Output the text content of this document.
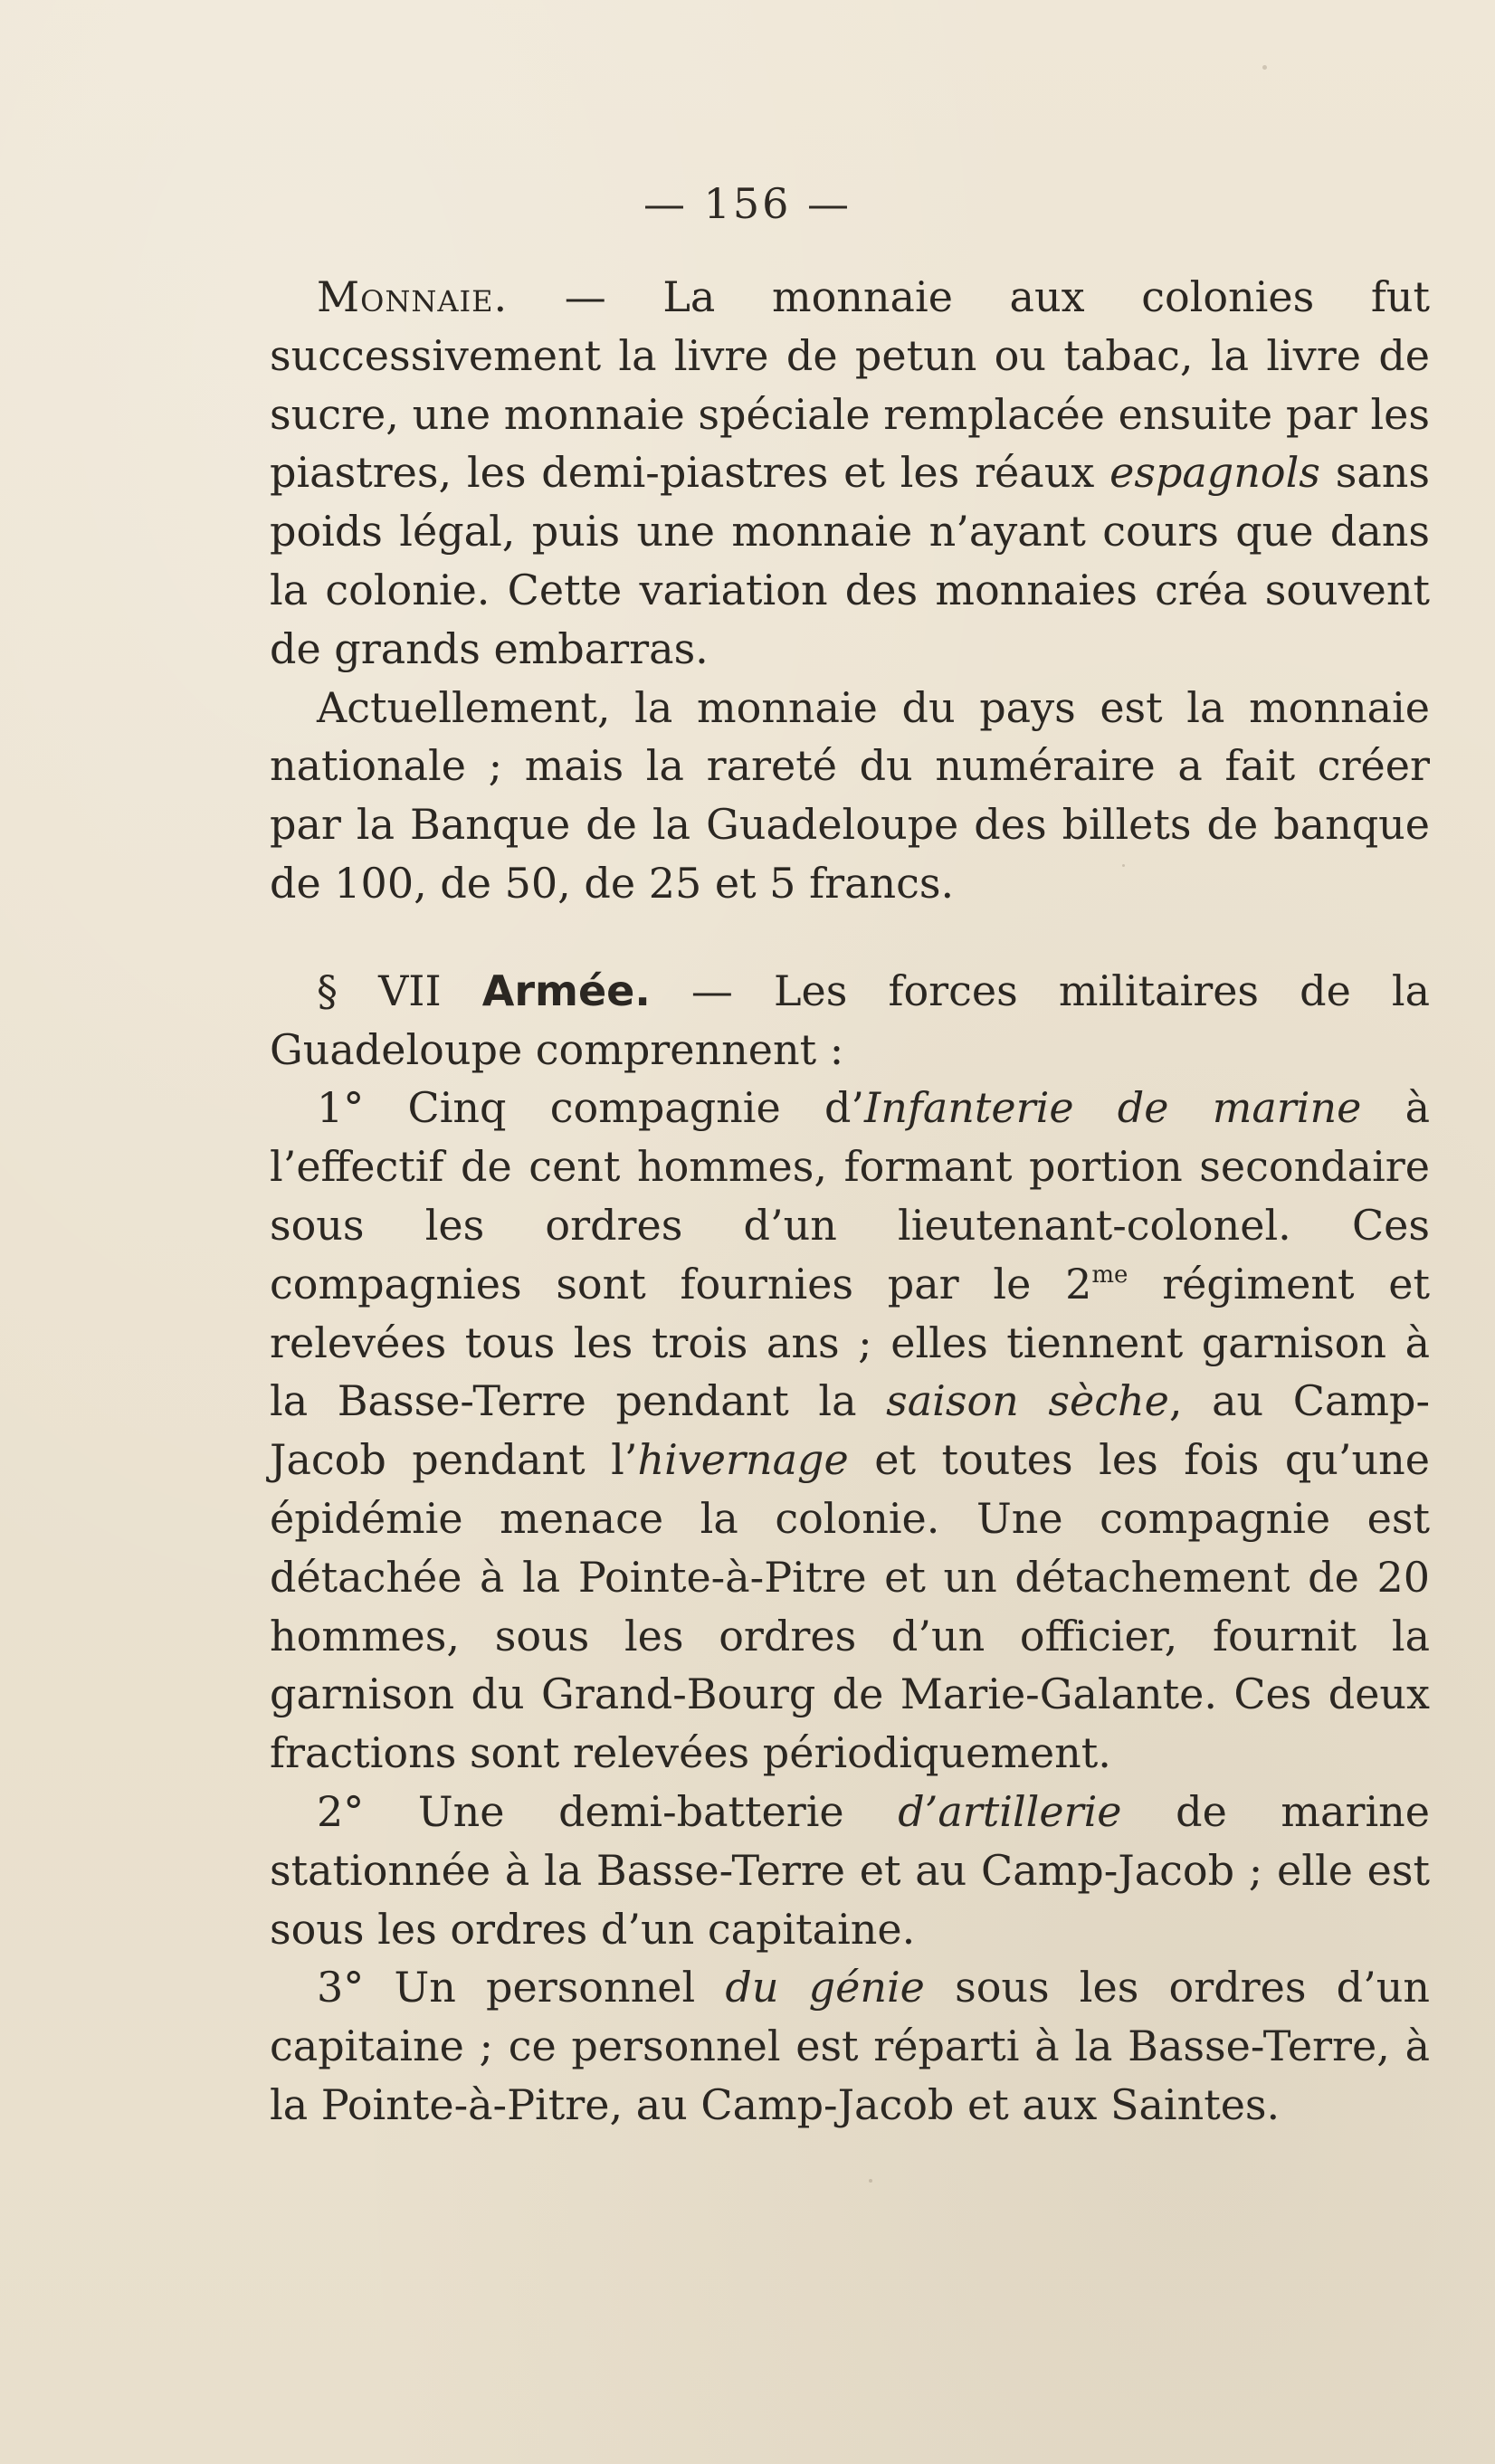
— 156 —

Monnaie. — La monnaie aux colonies fut successivement la livre de petun ou tabac, la livre de sucre, une monnaie spéciale remplacée ensuite par les piastres, les demi-piastres et les réaux espagnols sans poids légal, puis une monnaie n’ayant cours que dans la colonie. Cette variation des monnaies créa souvent de grands embarras.

Actuellement, la monnaie du pays est la monnaie nationale ; mais la rareté du numéraire a fait créer par la Banque de la Guadeloupe des billets de banque de 100, de 50, de 25 et 5 francs.

§ VII Armée. — Les forces militaires de la Guadeloupe comprennent :

1° Cinq compagnie d’Infanterie de marine à l’effectif de cent hommes, formant portion secondaire sous les ordres d’un lieutenant-colonel. Ces compagnies sont fournies par le $2^{me}$ régiment et relevées tous les trois ans ; elles tiennent garnison à la Basse-Terre pendant la saison sèche, au Camp-Jacob pendant l’hivernage et toutes les fois qu’une épidémie menace la colonie. Une compagnie est détachée à la Pointe-à-Pitre et un détachement de 20 hommes, sous les ordres d’un officier, fournit la garnison du Grand-Bourg de Marie-Galante. Ces deux fractions sont relevées périodiquement.

2° Une demi-batterie d’artillerie de marine stationnée à la Basse-Terre et au Camp-Jacob ; elle est sous les ordres d’un capitaine.

3° Un personnel du génie sous les ordres d’un capitaine ; ce personnel est réparti à la Basse-Terre, à la Pointe-à-Pitre, au Camp-Jacob et aux Saintes.
